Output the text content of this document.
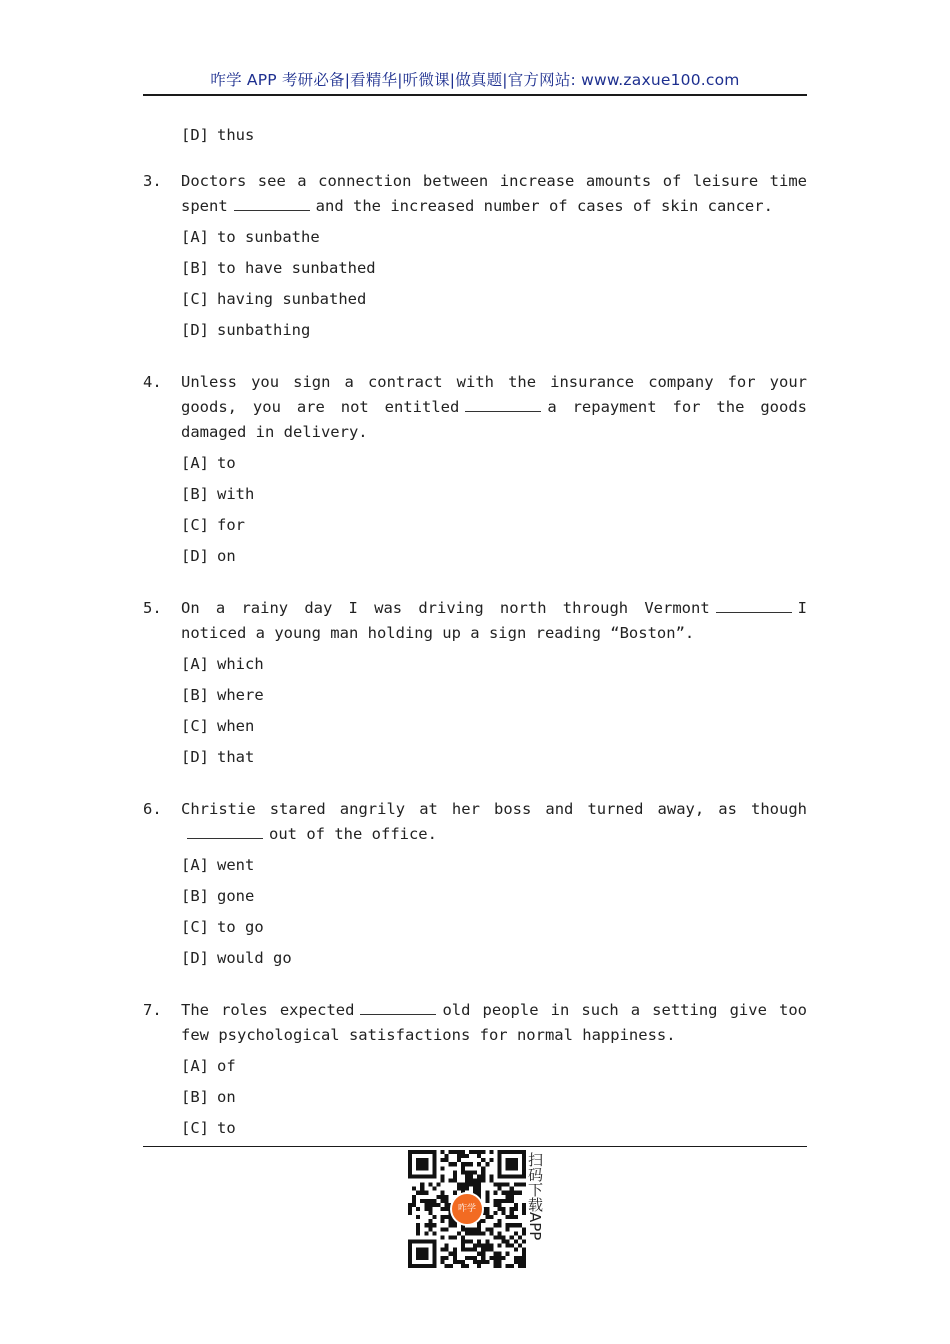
咋学 APP 考研必备|看精华|听微课|做真题|官方网站: www.zaxue100.com
[D] thus
3.	Doctors see a connection between increase amounts of leisure time spent	and the increased number of cases of skin cancer.
[A] to sunbathe
[B] to have sunbathed
[C] having sunbathed
[D] sunbathing
4.	Unless you sign a contract with the insurance company for your goods, you are not entitled	a repayment for the goods damaged in delivery.
[A] to
[B] with
[C] for
[D] on
5.	On a rainy day I was driving north through Vermont	I noticed a young man holding up a sign reading “Boston”.
[A] which
[B] where
[C] when
[D] that
6.	Christie stared angrily at her boss and turned away, as thoughout of the office.
[A] went
[B] gone
[C] to go
[D] would go
7.	The roles expected	old people in such a setting give too few psychological satisfactions for normal happiness.
[A] of
[B] on
[C] to
咋学	扫码下载APP
